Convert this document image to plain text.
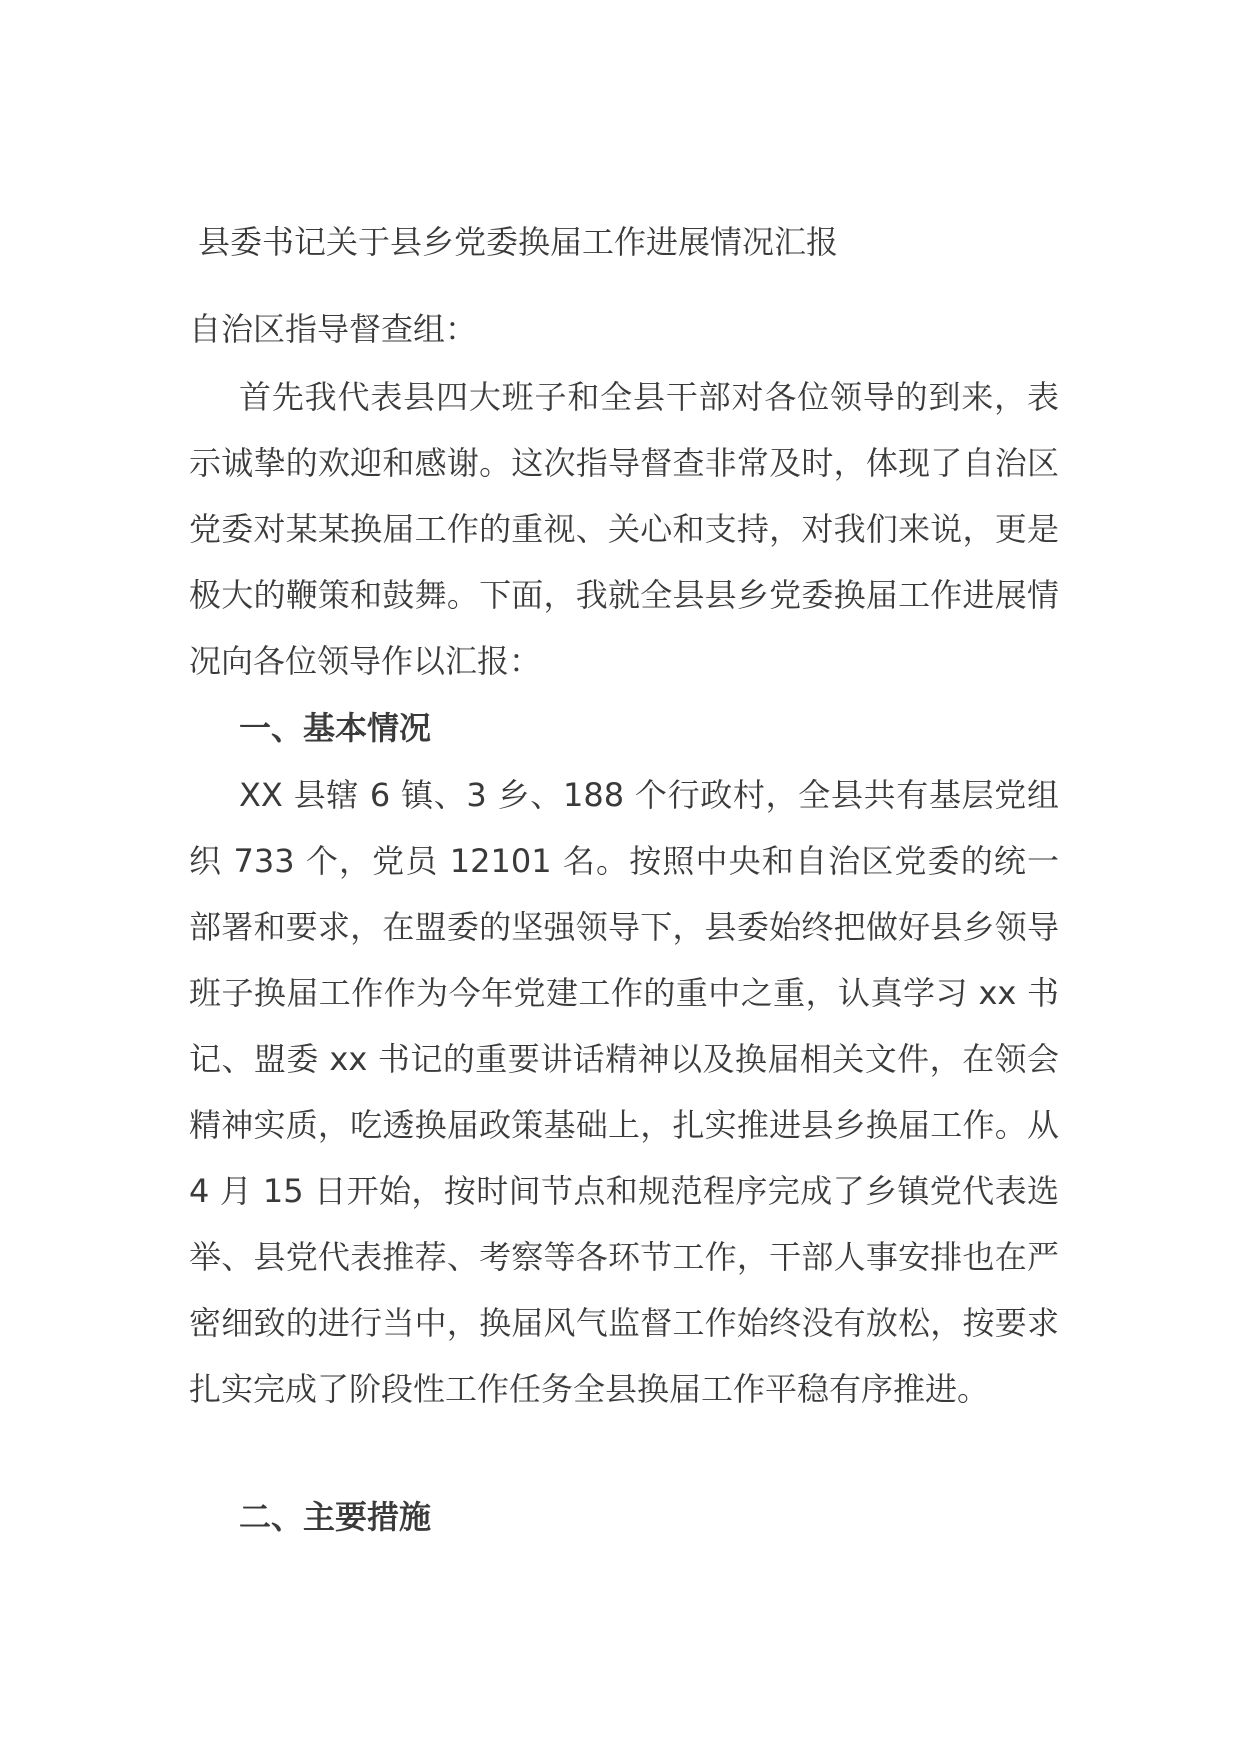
县委书记关于县乡党委换届工作进展情况汇报
自治区指导督查组：
首先我代表县四大班子和全县干部对各位领导的到来，表示诚挚的欢迎和感谢。这次指导督查非常及时，体现了自治区党委对某某换届工作的重视、关心和支持，对我们来说，更是极大的鞭策和鼓舞。下面，我就全县县乡党委换届工作进展情况向各位领导作以汇报：
一、基本情况
XX 县辖 6 镇、3 乡、188 个行政村，全县共有基层党组织 733 个，党员 12101 名。按照中央和自治区党委的统一部署和要求，在盟委的坚强领导下，县委始终把做好县乡领导班子换届工作作为今年党建工作的重中之重，认真学习 xx 书记、盟委 xx 书记的重要讲话精神以及换届相关文件，在领会精神实质，吃透换届政策基础上，扎实推进县乡换届工作。从 4 月 15 日开始，按时间节点和规范程序完成了乡镇党代表选举、县党代表推荐、考察等各环节工作，干部人事安排也在严密细致的进行当中，换届风气监督工作始终没有放松，按要求扎实完成了阶段性工作任务全县换届工作平稳有序推进。
二、主要措施
